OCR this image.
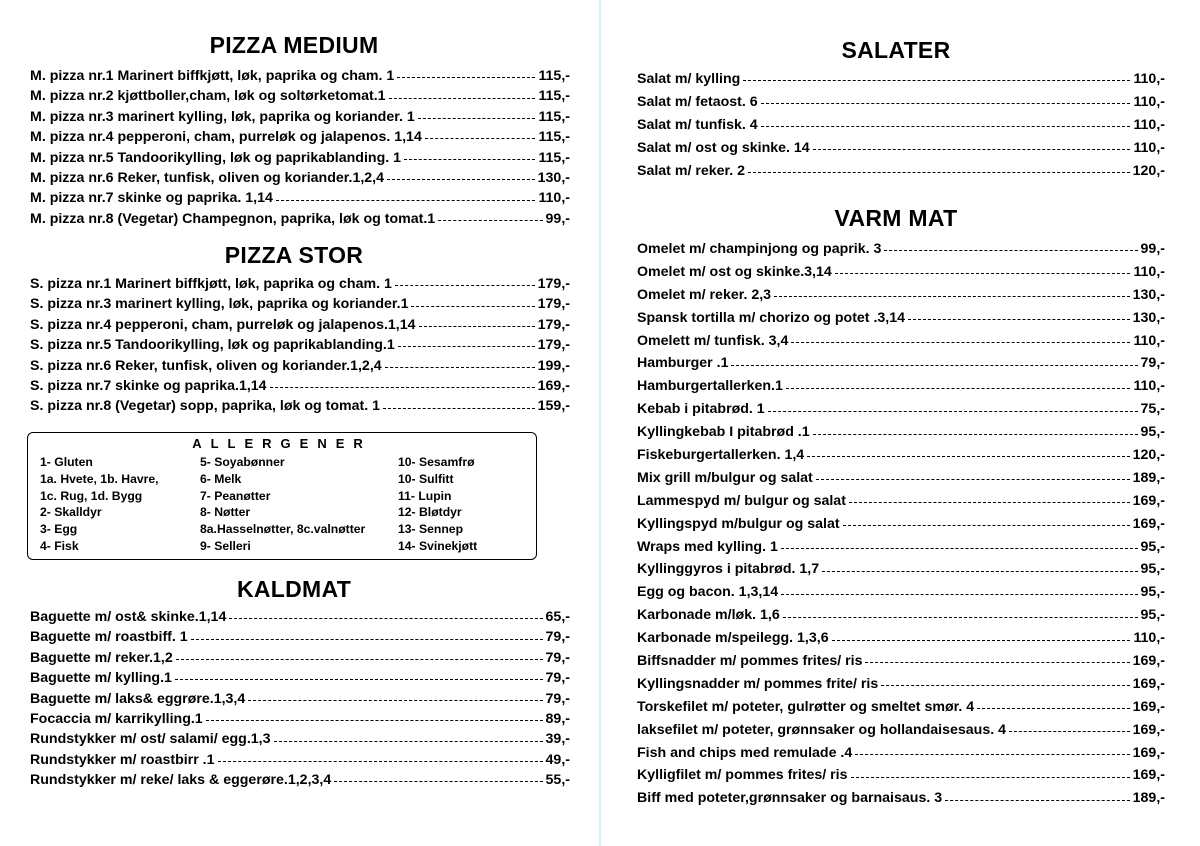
PIZZA MEDIUM
M. pizza nr.1 Marinert biffkjøtt, løk, paprika og cham. 1	115,-
M. pizza nr.2 kjøttboller,cham, løk og soltørketomat.1	115,-
M. pizza nr.3 marinert kylling, løk, paprika og koriander. 1	115,-
M. pizza nr.4 pepperoni, cham, purreløk og jalapenos. 1,14	115,-
M. pizza nr.5 Tandoorikylling, løk og paprikablanding. 1	115,-
M. pizza nr.6 Reker, tunfisk, oliven og koriander.1,2,4	130,-
M. pizza nr.7 skinke og paprika. 1,14	110,-
M. pizza nr.8 (Vegetar) Champegnon, paprika, løk og tomat.1	99,-
PIZZA STOR
S. pizza nr.1 Marinert biffkjøtt, løk, paprika og cham. 1	179,-
S. pizza nr.3 marinert kylling, løk, paprika og koriander.1	179,-
S. pizza nr.4 pepperoni, cham, purreløk og jalapenos.1,14	179,-
S. pizza nr.5 Tandoorikylling, løk og paprikablanding.1	179,-
S. pizza nr.6 Reker, tunfisk, oliven og koriander.1,2,4	199,-
S. pizza nr.7 skinke og paprika.1,14	169,-
S. pizza nr.8 (Vegetar) sopp, paprika, løk og tomat. 1	159,-
KALDMAT
Baguette m/ ost& skinke.1,14	65,-
Baguette m/ roastbiff. 1	79,-
Baguette m/ reker.1,2	79,-
Baguette m/ kylling.1	79,-
Baguette m/ laks& eggrøre.1,3,4	79,-
Focaccia m/ karrikylling.1	89,-
Rundstykker m/ ost/ salami/ egg.1,3	39,-
Rundstykker m/ roastbirr .1	49,-
Rundstykker m/ reke/ laks & eggerøre.1,2,3,4	55,-
ALLERGENER
1- Gluten
1a. Hvete, 1b. Havre,
1c. Rug, 1d. Bygg
2- Skalldyr
3- Egg
4- Fisk
5- Soyabønner
6- Melk
7- Peanøtter
8- Nøtter
8a.Hasselnøtter, 8c.valnøtter
9- Selleri
10- Sesamfrø
10- Sulfitt
11- Lupin
12- Bløtdyr
13- Sennep
14- Svinekjøtt
SALATER
Salat m/ kylling	110,-
Salat m/ fetaost. 6	110,-
Salat m/ tunfisk. 4	110,-
Salat m/ ost og skinke. 14	110,-
Salat m/ reker. 2	120,-
VARM MAT
Omelet m/ champinjong og paprik. 3	99,-
Omelet m/ ost og skinke.3,14	110,-
Omelet m/ reker. 2,3	130,-
Spansk tortilla m/ chorizo og potet .3,14	130,-
Omelett m/ tunfisk. 3,4	110,-
Hamburger .1	79,-
Hamburgertallerken.1	110,-
Kebab i pitabrød. 1	75,-
Kyllingkebab I pitabrød .1	95,-
Fiskeburgertallerken. 1,4	120,-
Mix grill m/bulgur og salat	189,-
Lammespyd m/ bulgur og salat	169,-
Kyllingspyd m/bulgur og salat	169,-
Wraps med kylling. 1	95,-
Kyllinggyros i pitabrød. 1,7	95,-
Egg og bacon. 1,3,14	95,-
Karbonade m/løk. 1,6	95,-
Karbonade m/speilegg. 1,3,6	110,-
Biffsnadder m/ pommes frites/ ris	169,-
Kyllingsnadder m/ pommes frite/ ris	169,-
Torskefilet m/ poteter, gulrøtter og smeltet smør. 4	169,-
laksefilet m/ poteter, grønnsaker og hollandaisesaus. 4	169,-
Fish and chips med remulade .4	169,-
Kylligfilet m/ pommes frites/ ris	169,-
Biff med poteter,grønnsaker og barnaisaus. 3	189,-
